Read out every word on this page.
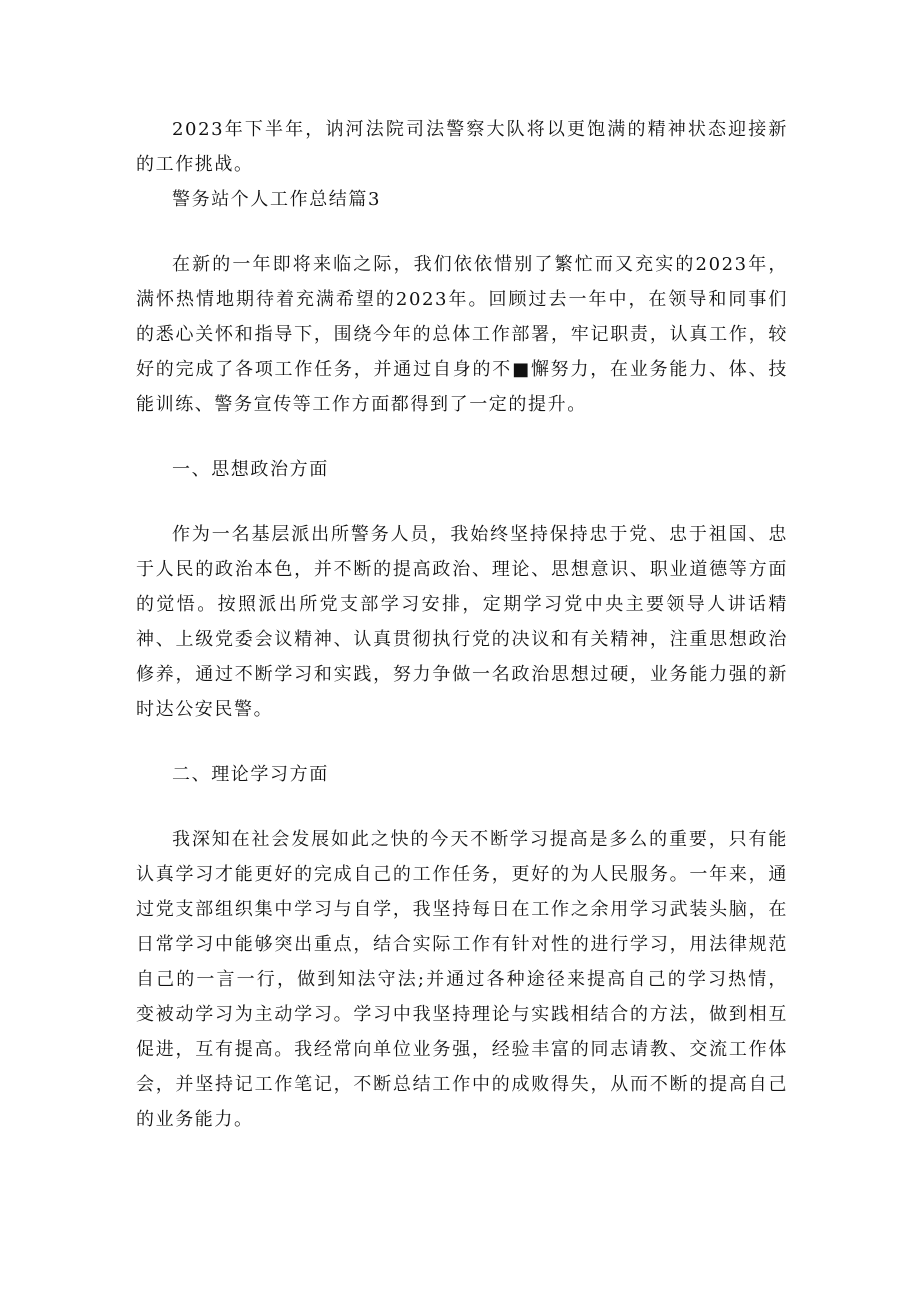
2023年下半年，讷河法院司法警察大队将以更饱满的精神状态迎接新的工作挑战。

警务站个人工作总结篇3

在新的一年即将来临之际，我们依依惜别了繁忙而又充实的2023年，满怀热情地期待着充满希望的2023年。回顾过去一年中，在领导和同事们的悉心关怀和指导下，围绕今年的总体工作部署，牢记职责，认真工作，较好的完成了各项工作任务，并通过自身的不■懈努力，在业务能力、体、技能训练、警务宣传等工作方面都得到了一定的提升。

一、思想政治方面

作为一名基层派出所警务人员，我始终坚持保持忠于党、忠于祖国、忠于人民的政治本色，并不断的提高政治、理论、思想意识、职业道德等方面的觉悟。按照派出所党支部学习安排，定期学习党中央主要领导人讲话精神、上级党委会议精神、认真贯彻执行党的决议和有关精神，注重思想政治修养，通过不断学习和实践，努力争做一名政治思想过硬，业务能力强的新时达公安民警。

二、理论学习方面

我深知在社会发展如此之快的今天不断学习提高是多么的重要，只有能认真学习才能更好的完成自己的工作任务，更好的为人民服务。一年来，通过党支部组织集中学习与自学，我坚持每日在工作之余用学习武装头脑，在日常学习中能够突出重点，结合实际工作有针对性的进行学习，用法律规范自己的一言一行，做到知法守法;并通过各种途径来提高自己的学习热情，变被动学习为主动学习。学习中我坚持理论与实践相结合的方法，做到相互促进，互有提高。我经常向单位业务强，经验丰富的同志请教、交流工作体会，并坚持记工作笔记，不断总结工作中的成败得失，从而不断的提高自己的业务能力。
